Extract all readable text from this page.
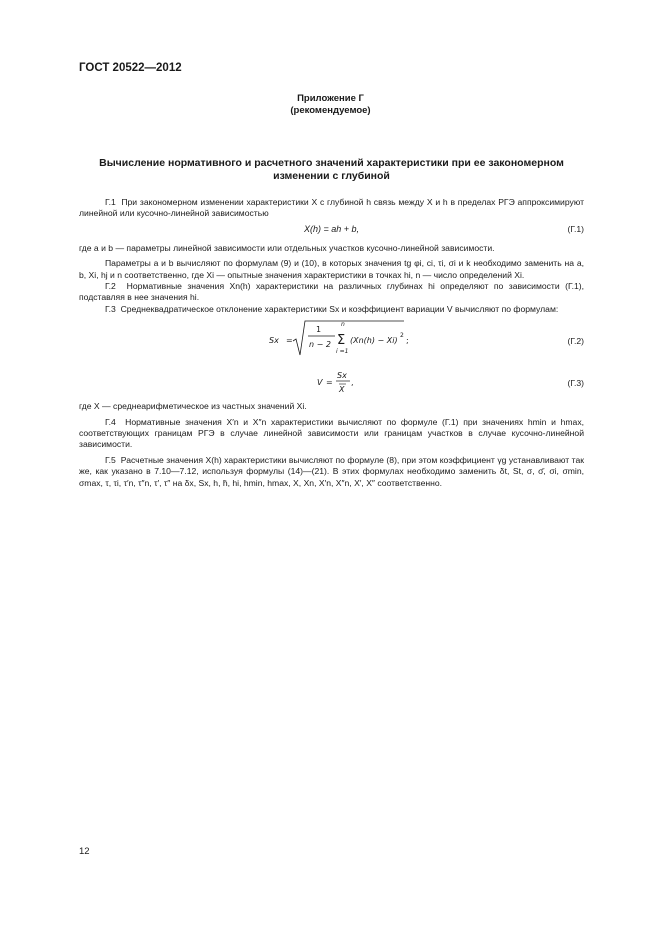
ГОСТ 20522—2012
Приложение Г
(рекомендуемое)
Вычисление нормативного и расчетного значений характеристики при ее закономерном изменении с глубиной

Г.1 При закономерном изменении характеристики X с глубиной h связь между X и h в пределах РГЭ аппроксимируют линейной или кусочно-линейной зависимостью

X(h) = ah + b,	(Г.1)

где a и b — параметры линейной зависимости или отдельных участков кусочно-линейной зависимости.

Параметры a и b вычисляют по формулам (9) и (10), в которых значения tg φi, ci, τi, σi и k необходимо заменить на a, b, Xi, hj и n соответственно, где Xi — опытные значения характеристики в точках hi, n — число определений Xi.

Г.2 Нормативные значения Xn(h) характеристики на различных глубинах hi определяют по зависимости (Г.1), подставляя в нее значения hi.

Г.3 Среднеквадратическое отклонение характеристики Sx и коэффициент вариации V вычисляют по формулам:

Sx =
1
n − 2
n
Σ
i =1
(Xn(h) − Xi)
2
;	(Г.2)
V =
Sx
X
,	(Г.3)

где X — среднеарифметическое из частных значений Xi.

Г.4 Нормативные значения X′n и X″n характеристики вычисляют по формуле (Г.1) при значениях hmin и hmax, соответствующих границам РГЭ в случае линейной зависимости или границам участков в случае кусочно-линейной зависимости.

Г.5 Расчетные значения X(h) характеристики вычисляют по формуле (8), при этом коэффициент γg устанавливают так же, как указано в 7.10—7.12, используя формулы (14)—(21). В этих формулах необходимо заменить δt, St, σ, σ̄, σi, σmin, σmax, τ, τi, τ′n, τ″n, τ′, τ″ на δx, Sx, h, h̄, hi, hmin, hmax, X, Xn, X′n, X″n, X′, X″ соответственно.

12
